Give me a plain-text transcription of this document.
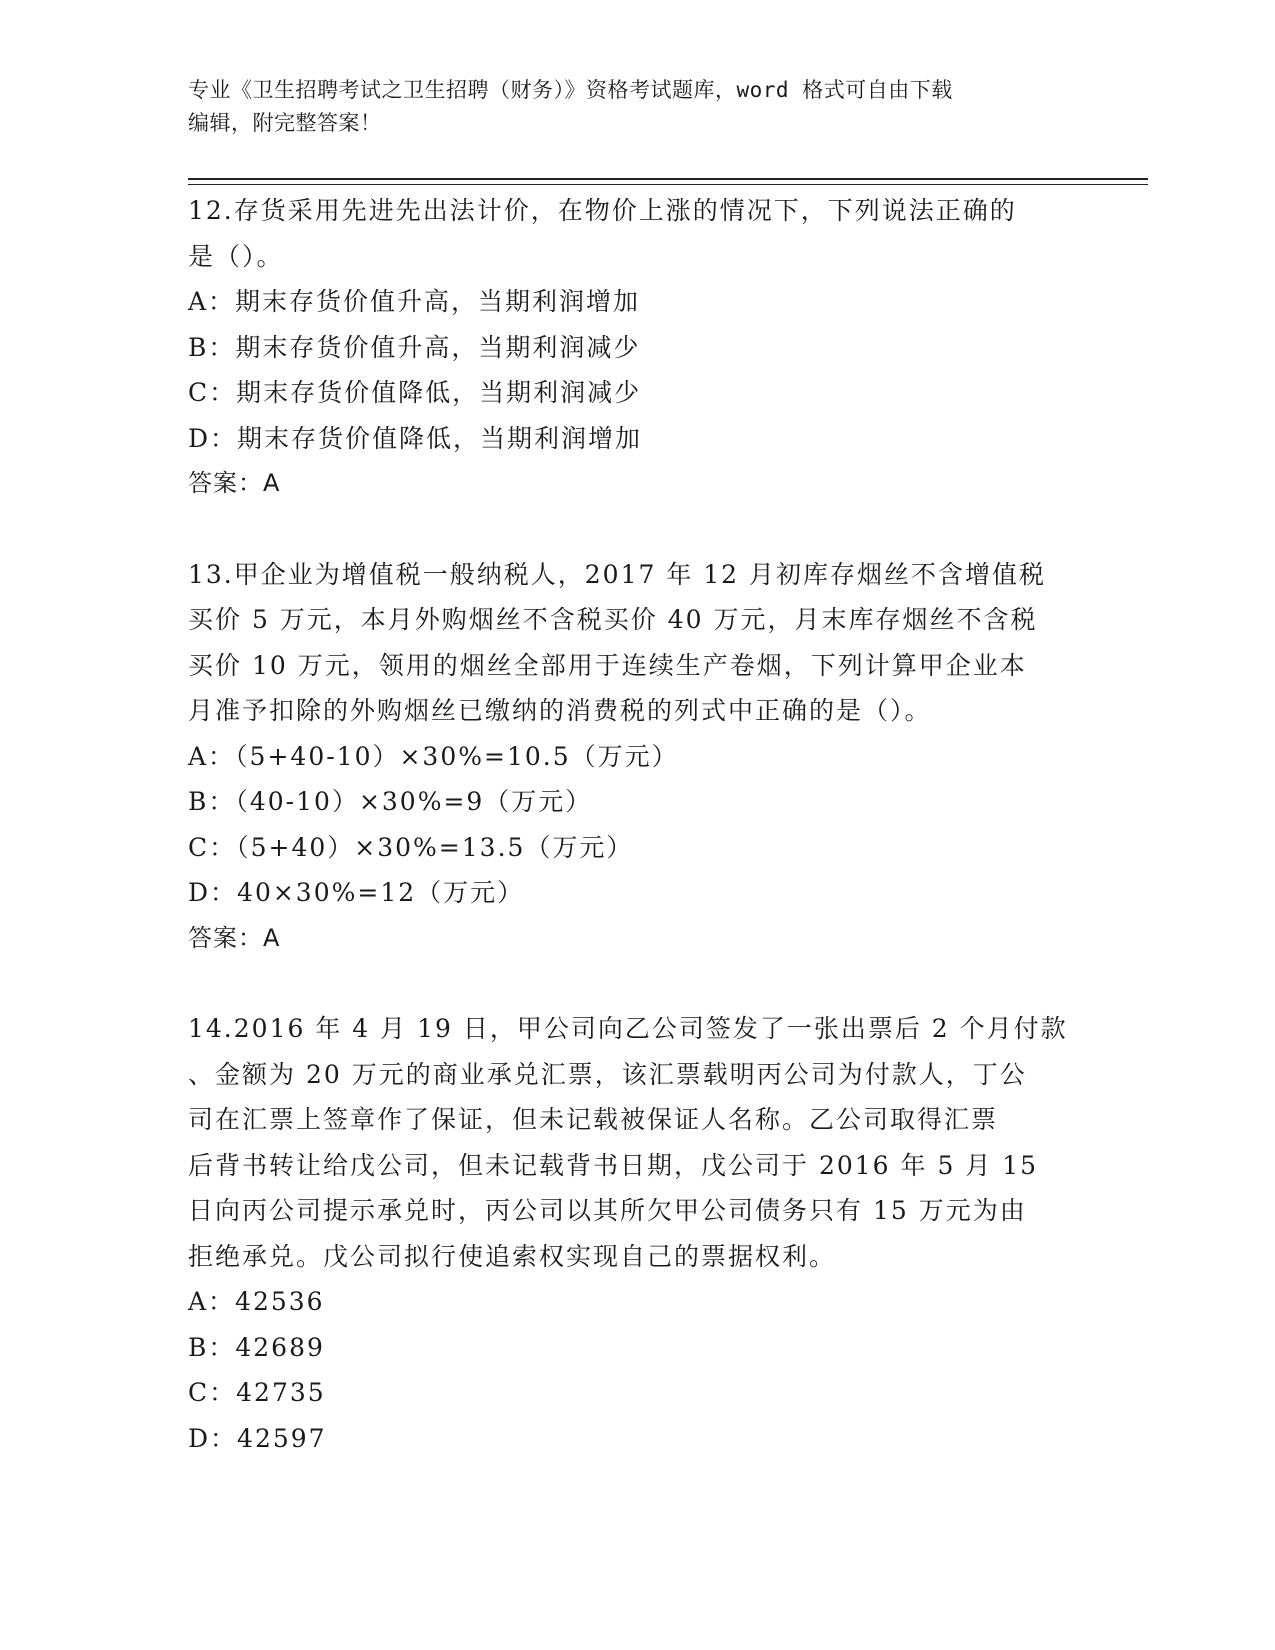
专业《卫生招聘考试之卫生招聘（财务）》资格考试题库，word 格式可自由下载
编辑，附完整答案！
12.存货采用先进先出法计价，在物价上涨的情况下，下列说法正确的
是（）。
A：期末存货价值升高，当期利润增加
B：期末存货价值升高，当期利润减少
C：期末存货价值降低，当期利润减少
D：期末存货价值降低，当期利润增加
答案：A
13.甲企业为增值税一般纳税人，2017 年 12 月初库存烟丝不含增值税
买价 5 万元，本月外购烟丝不含税买价 40 万元，月末库存烟丝不含税
买价 10 万元，领用的烟丝全部用于连续生产卷烟，下列计算甲企业本
月准予扣除的外购烟丝已缴纳的消费税的列式中正确的是（）。
A：（5+40-10）×30%=10.5（万元）
B：（40-10）×30%=9（万元）
C：（5+40）×30%=13.5（万元）
D：40×30%=12（万元）
答案：A
14.2016 年 4 月 19 日，甲公司向乙公司签发了一张出票后 2 个月付款
、金额为 20 万元的商业承兑汇票，该汇票载明丙公司为付款人，丁公
司在汇票上签章作了保证，但未记载被保证人名称。乙公司取得汇票
后背书转让给戊公司，但未记载背书日期，戊公司于 2016 年 5 月 15
日向丙公司提示承兑时，丙公司以其所欠甲公司债务只有 15 万元为由
拒绝承兑。戊公司拟行使追索权实现自己的票据权利。
A：42536
B：42689
C：42735
D：42597
